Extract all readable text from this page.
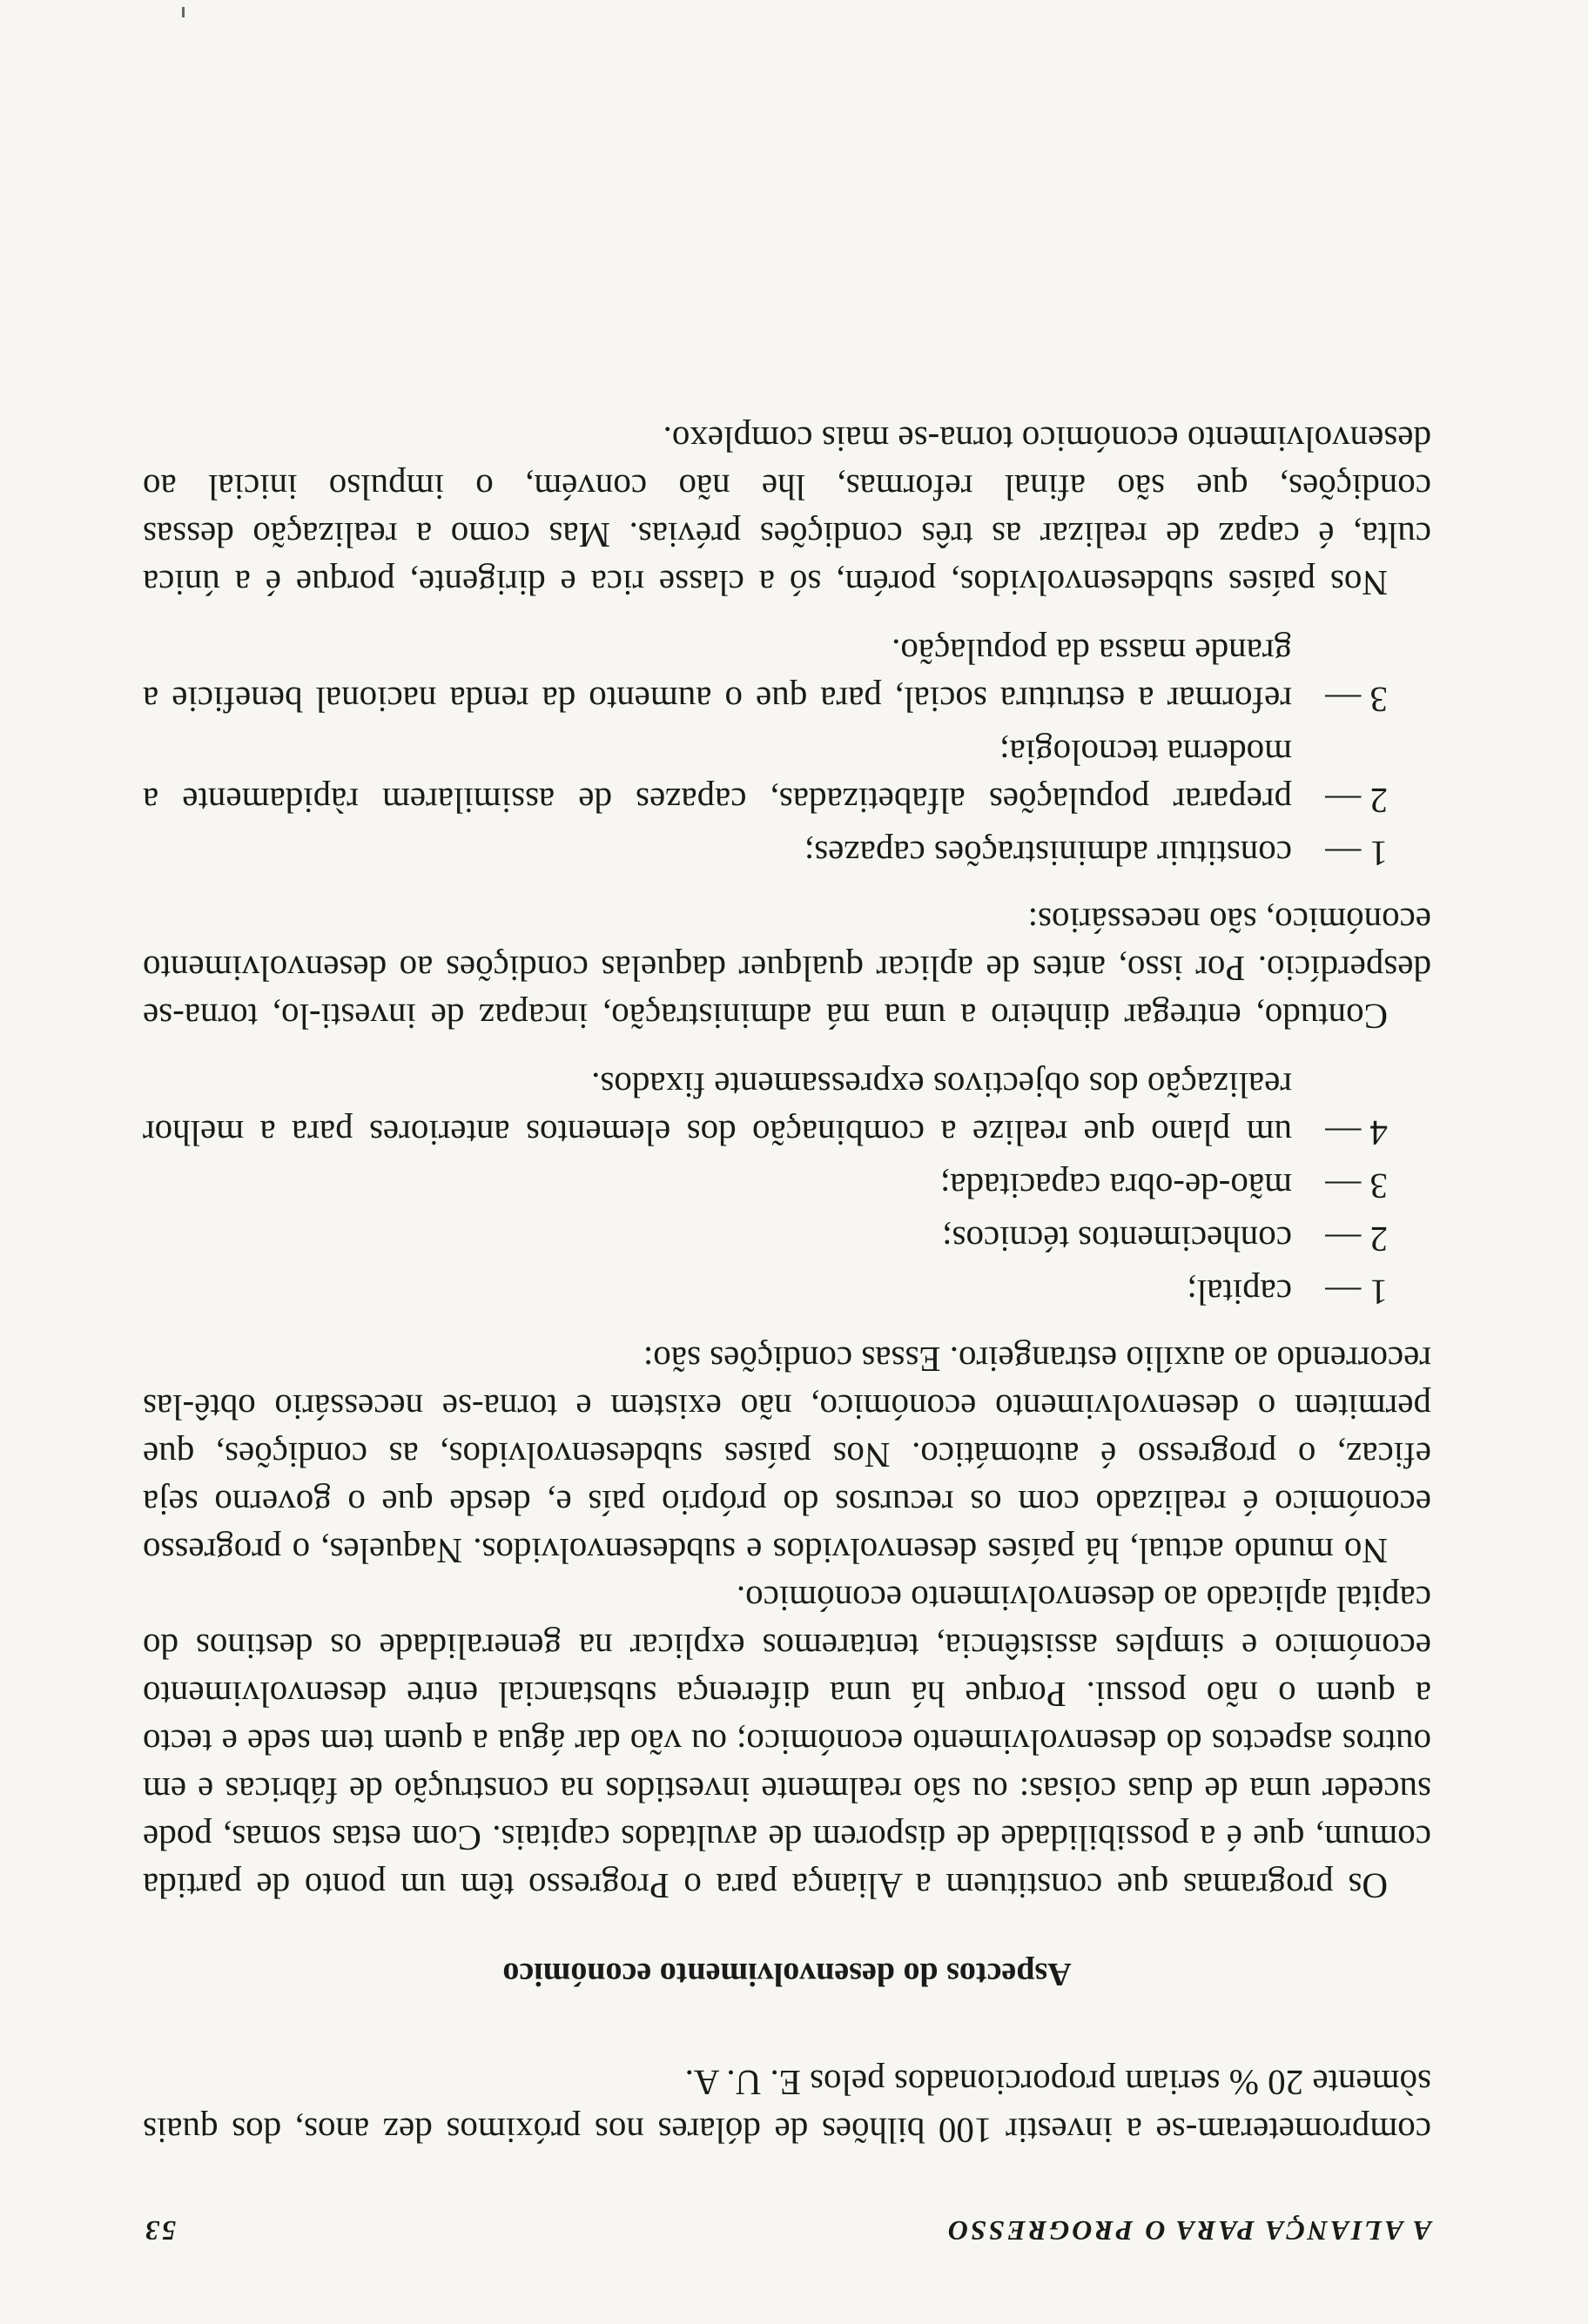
A ALIANÇA PARA O PROGRESSO
53

comprometeram-se a investir 100 bilhões de dólares nos próximos dez anos, dos quais sòmente 20 % seriam proporcionados pelos E. U. A.

Aspectos do desenvolvimento económico

Os programas que constituem a Aliança para o Progresso têm um ponto de partida comum, que é a possibilidade de disporem de avultados capitais. Com estas somas, pode suceder uma de duas coisas: ou são realmente investidos na construção de fábricas e em outros aspectos do desenvolvimento económico; ou vão dar água a quem tem sede e tecto a quem o não possui. Porque há uma diferença substancial entre desenvolvimento económico e simples assistência, tentaremos explicar na generalidade os destinos do capital aplicado ao desenvolvimento económico.

No mundo actual, há países desenvolvidos e subdesenvolvidos. Naqueles, o progresso económico é realizado com os recursos do próprio país e, desde que o governo seja eficaz, o progresso é automático. Nos países subdesenvolvidos, as condições, que permitem o desenvolvimento económico, não existem e torna-se necessário obtê-las recorrendo ao auxílio estrangeiro. Essas condições são:

1 —
capital;
2 —
conhecimentos técnicos;
3 —
mão-de-obra capacitada;
4 —
um plano que realize a combinação dos elementos anteriores para a melhor realização dos objectivos expressamente fixados.

Contudo, entregar dinheiro a uma má administração, incapaz de investi-lo, torna-se desperdício. Por isso, antes de aplicar qualquer daquelas condições ao desenvolvimento económico, são necessários:

1 —
constituir administrações capazes;
2 —
preparar populações alfabetizadas, capazes de assimilarem ràpidamente a moderna tecnologia;
3 —
reformar a estrutura social, para que o aumento da renda nacional beneficie a grande massa da população.

Nos países subdesenvolvidos, porém, só a classe rica e dirigente, porque é a única culta, é capaz de realizar as três condições prévias. Mas como a realização dessas condições, que são afinal reformas, lhe não convém, o impulso inicial ao desenvolvimento económico torna-se mais complexo.
